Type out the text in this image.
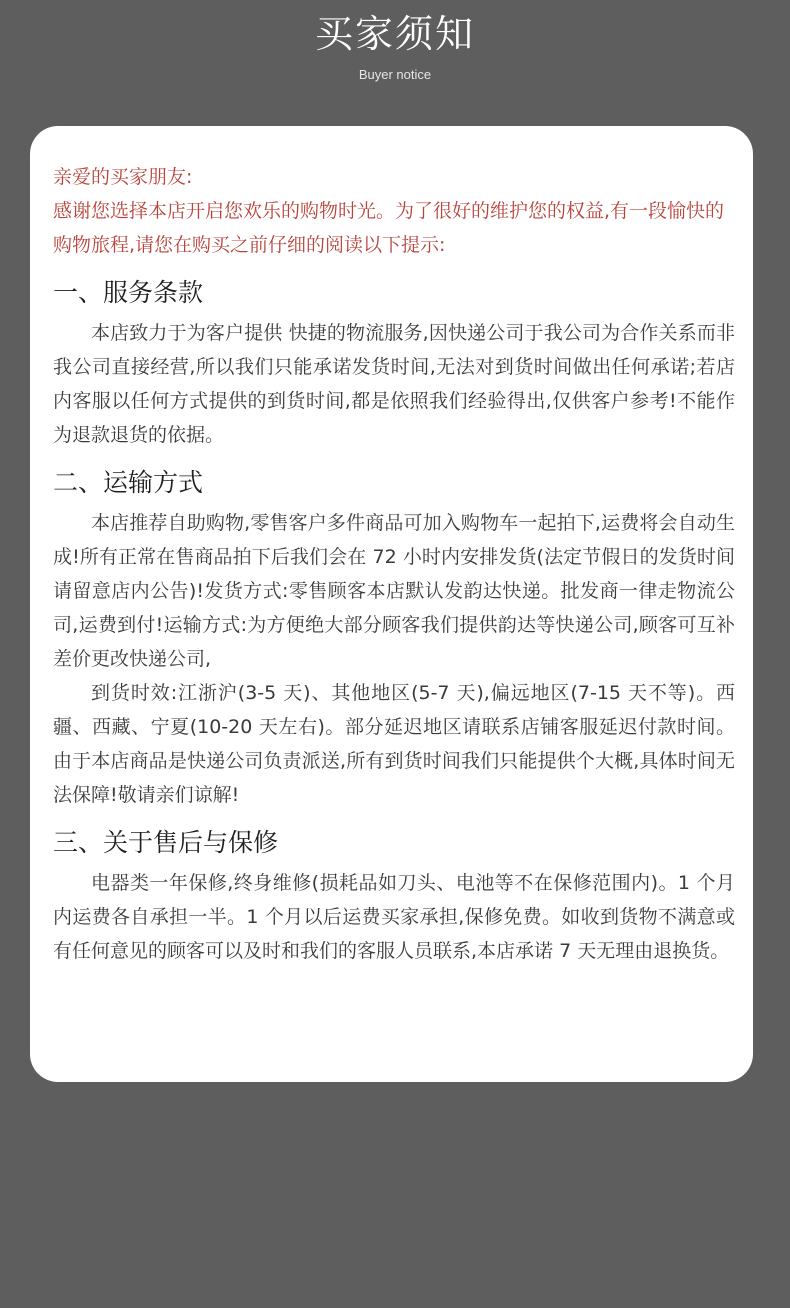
买家须知
Buyer notice

亲爱的买家朋友:

感谢您选择本店开启您欢乐的购物时光。为了很好的维护您的权益,有一段愉快的购物旅程,请您在购买之前仔细的阅读以下提示:

一、服务条款

本店致力于为客户提供 快捷的物流服务,因快递公司于我公司为合作关系而非我公司直接经营,所以我们只能承诺发货时间,无法对到货时间做出任何承诺;若店内客服以任何方式提供的到货时间,都是依照我们经验得出,仅供客户参考!不能作为退款退货的依据。

二、运输方式

本店推荐自助购物,零售客户多件商品可加入购物车一起拍下,运费将会自动生成!所有正常在售商品拍下后我们会在 72 小时内安排发货(法定节假日的发货时间请留意店内公告)!发货方式:零售顾客本店默认发韵达快递。批发商一律走物流公司,运费到付!运输方式:为方便绝大部分顾客我们提供韵达等快递公司,顾客可互补差价更改快递公司,

到货时效:江浙沪(3-5 天)、其他地区(5-7 天),偏远地区(7-15 天不等)。西疆、西藏、宁夏(10-20 天左右)。部分延迟地区请联系店铺客服延迟付款时间。由于本店商品是快递公司负责派送,所有到货时间我们只能提供个大概,具体时间无法保障!敬请亲们谅解!

三、关于售后与保修

电器类一年保修,终身维修(损耗品如刀头、电池等不在保修范围内)。1 个月内运费各自承担一半。1 个月以后运费买家承担,保修免费。如收到货物不满意或有任何意见的顾客可以及时和我们的客服人员联系,本店承诺 7 天无理由退换货。
